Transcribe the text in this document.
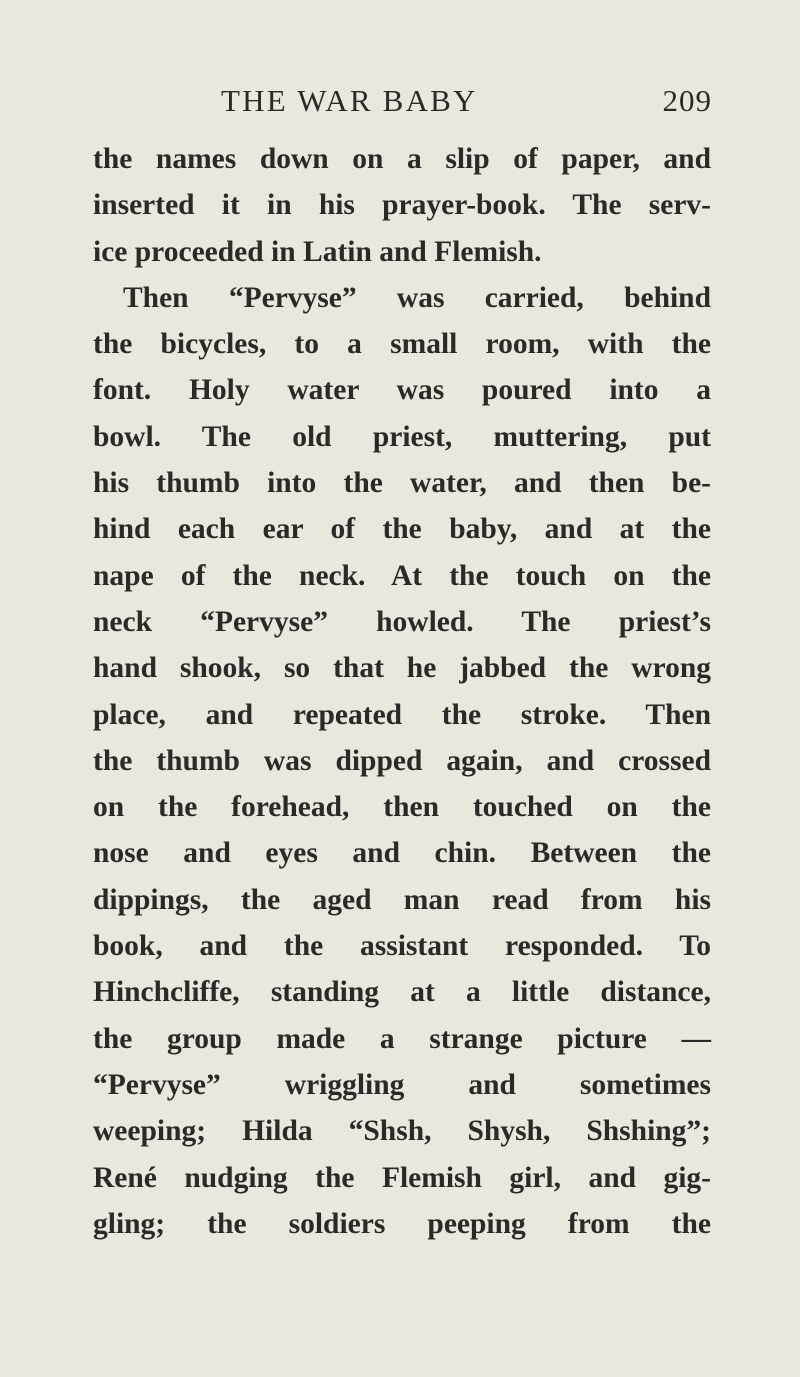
THE WAR BABY	209
the names down on a slip of paper, and
inserted it in his prayer-book. The serv-
ice proceeded in Latin and Flemish.
Then “Pervyse” was carried, behind
the bicycles, to a small room, with the
font. Holy water was poured into a
bowl. The old priest, muttering, put
his thumb into the water, and then be-
hind each ear of the baby, and at the
nape of the neck. At the touch on the
neck “Pervyse” howled. The priest’s
hand shook, so that he jabbed the wrong
place, and repeated the stroke. Then
the thumb was dipped again, and crossed
on the forehead, then touched on the
nose and eyes and chin. Between the
dippings, the aged man read from his
book, and the assistant responded. To
Hinchcliffe, standing at a little distance,
the group made a strange picture —
“Pervyse” wriggling and sometimes
weeping; Hilda “Shsh, Shysh, Shshing”;
René nudging the Flemish girl, and gig-
gling; the soldiers peeping from the
